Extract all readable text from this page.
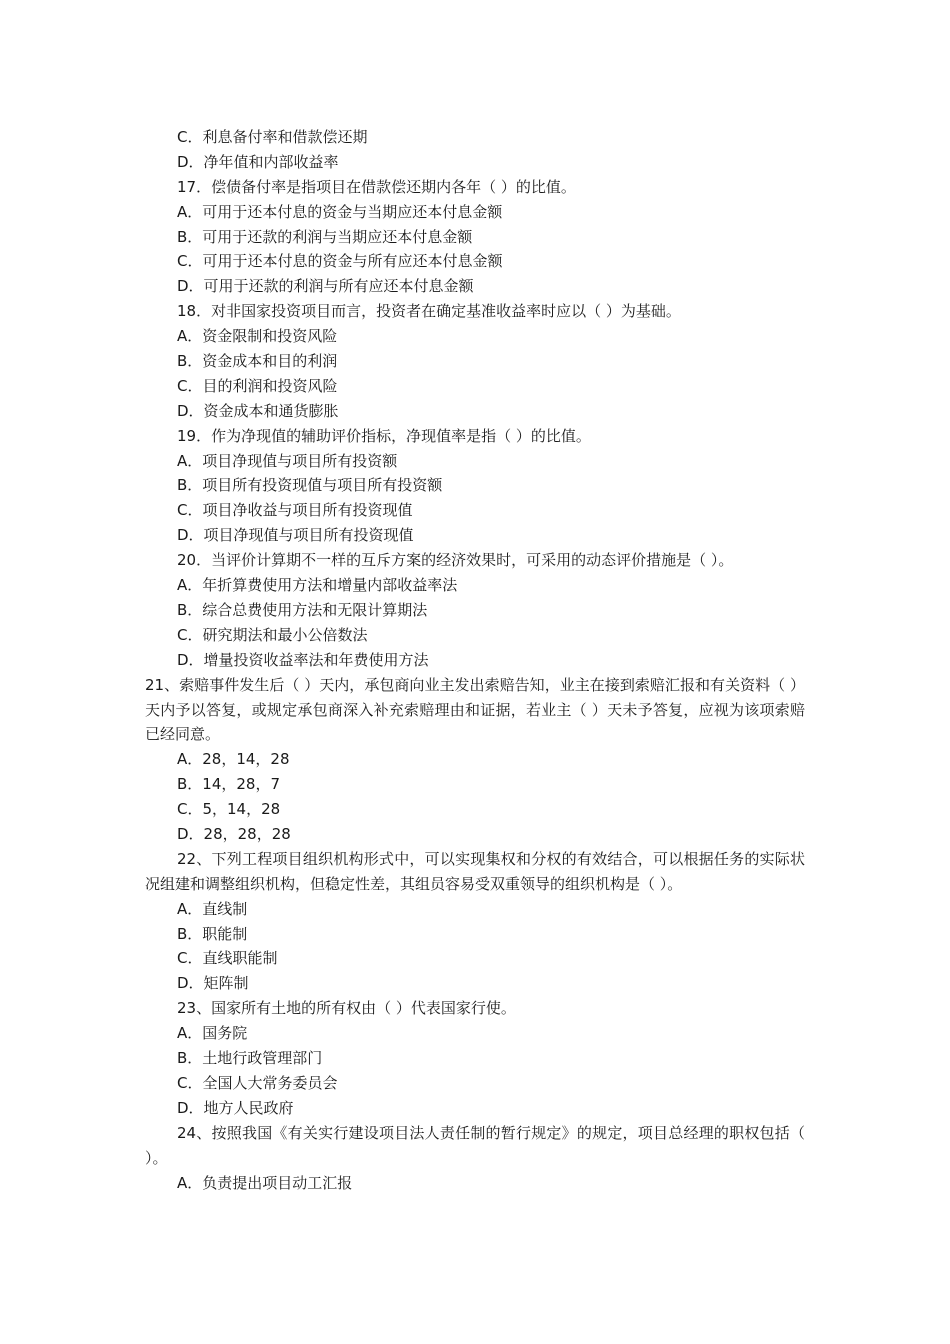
C．利息备付率和借款偿还期
D．净年值和内部收益率
17．偿债备付率是指项目在借款偿还期内各年（ ）的比值。
A．可用于还本付息的资金与当期应还本付息金额
B．可用于还款的利润与当期应还本付息金额
C．可用于还本付息的资金与所有应还本付息金额
D．可用于还款的利润与所有应还本付息金额
18．对非国家投资项目而言，投资者在确定基准收益率时应以（ ）为基础。
A．资金限制和投资风险
B．资金成本和目的利润
C．目的利润和投资风险
D．资金成本和通货膨胀
19．作为净现值的辅助评价指标，净现值率是指（ ）的比值。
A．项目净现值与项目所有投资额
B．项目所有投资现值与项目所有投资额
C．项目净收益与项目所有投资现值
D．项目净现值与项目所有投资现值
20．当评价计算期不一样的互斥方案的经济效果时，可采用的动态评价措施是（ ）。
A．年折算费使用方法和增量内部收益率法
B．综合总费使用方法和无限计算期法
C．研究期法和最小公倍数法
D．增量投资收益率法和年费使用方法
21、索赔事件发生后（ ）天内，承包商向业主发出索赔告知，业主在接到索赔汇报和有关资料（ ）天内予以答复，或规定承包商深入补充索赔理由和证据，若业主（ ）天未予答复，应视为该项索赔已经同意。
A．28，14，28
B．14，28，7
C．5，14，28
D．28，28，28
22、下列工程项目组织机构形式中，可以实现集权和分权的有效结合，可以根据任务的实际状况组建和调整组织机构，但稳定性差，其组员容易受双重领导的组织机构是（ ）。
A．直线制
B．职能制
C．直线职能制
D．矩阵制
23、国家所有土地的所有权由（ ）代表国家行使。
A．国务院
B．土地行政管理部门
C．全国人大常务委员会
D．地方人民政府
24、按照我国《有关实行建设项目法人责任制的暂行规定》的规定，项目总经理的职权包括（ ）。
A．负责提出项目动工汇报
